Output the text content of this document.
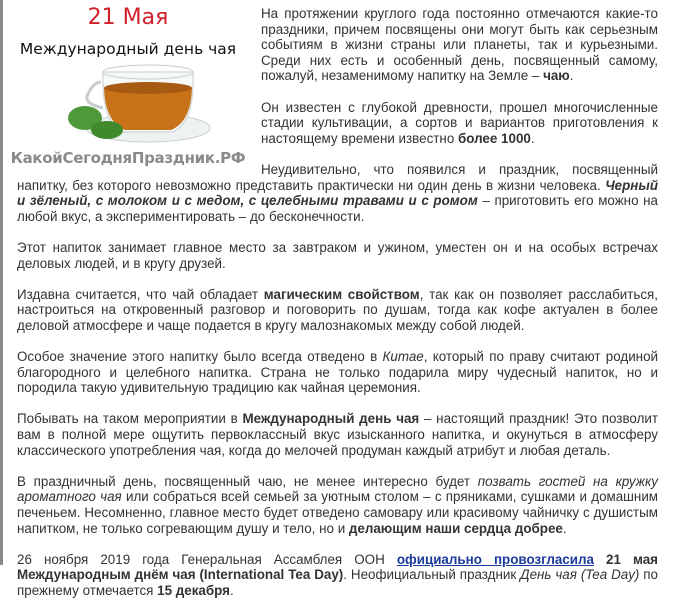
21 Мая
Международный день чая
КакойСегодняПраздник.РФ

На протяжении круглого года постоянно отмечаются какие-то праздники, причем посвящены они могут быть как серьезным событиям в жизни страны или планеты, так и курьезными. Среди них есть и особенный день, посвященный самому, пожалуй, незаменимому напитку на Земле – чаю.

Он известен с глубокой древности, прошел многочисленные стадии культивации, а сортов и вариантов приготовления к настоящему времени известно более 1000.

Неудивительно, что появился и праздник, посвященный напитку, без которого невозможно представить практически ни один день в жизни человека. Черный и зёленый, с молоком и с медом, с целебными травами и с ромом – приготовить его можно на любой вкус, а экспериментировать – до бесконечности.

Этот напиток занимает главное место за завтраком и ужином, уместен он и на особых встречах деловых людей, и в кругу друзей.

Издавна считается, что чай обладает магическим свойством, так как он позволяет расслабиться, настроиться на откровенный разговор и поговорить по душам, тогда как кофе актуален в более деловой атмосфере и чаще подается в кругу малознакомых между собой людей.

Особое значение этого напитку было всегда отведено в Китае, который по праву считают родиной благородного и целебного напитка. Страна не только подарила миру чудесный напиток, но и породила такую удивительную традицию как чайная церемония.

Побывать на таком мероприятии в Международный день чая – настоящий праздник! Это позволит вам в полной мере ощутить первоклассный вкус изысканного напитка, и окунуться в атмосферу классического употребления чая, когда до мелочей продуман каждый атрибут и любая деталь.

В праздничный день, посвященный чаю, не менее интересно будет позвать гостей на кружку ароматного чая или собраться всей семьей за уютным столом – с пряниками, сушками и домашним печеньем. Несомненно, главное место будет отведено самовару или красивому чайничку с душистым напитком, не только согревающим душу и тело, но и делающим наши сердца добрее.

26 ноября 2019 года Генеральная Ассамблея ООН официально провозгласила 21 мая Международным днём чая (International Tea Day). Неофициальный праздник День чая (Tea Day) по прежнему отмечается 15 декабря.
